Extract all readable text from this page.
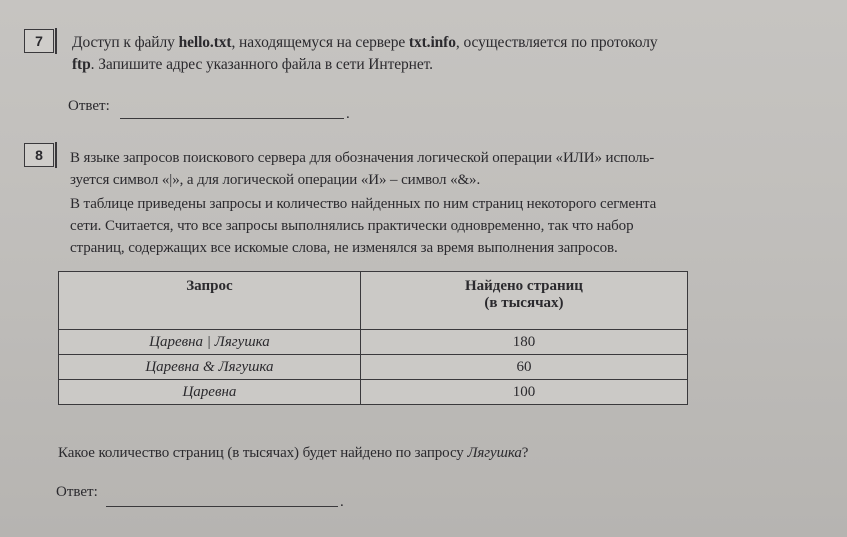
7	Доступ к файлу hello.txt, находящемуся на сервере txt.info, осуществляется по протоколу
ftp. Запишите адрес указанного файла в сети Интернет.
Ответ:	.
8	В языке запросов поискового сервера для обозначения логической операции «ИЛИ» исполь-
зуется символ «|», а для логической операции «И» – символ «&».
В таблице приведены запросы и количество найденных по ним страниц некоторого сегмента
сети. Считается, что все запросы выполнялись практически одновременно, так что набор
страниц, содержащих все искомые слова, не изменялся за время выполнения запросов.
Запрос	Найдено страниц
(в тысячах)
Царевна | Лягушка	180
Царевна & Лягушка	60
Царевна	100
Какое количество страниц (в тысячах) будет найдено по запросу Лягушка?
Ответ:
.
